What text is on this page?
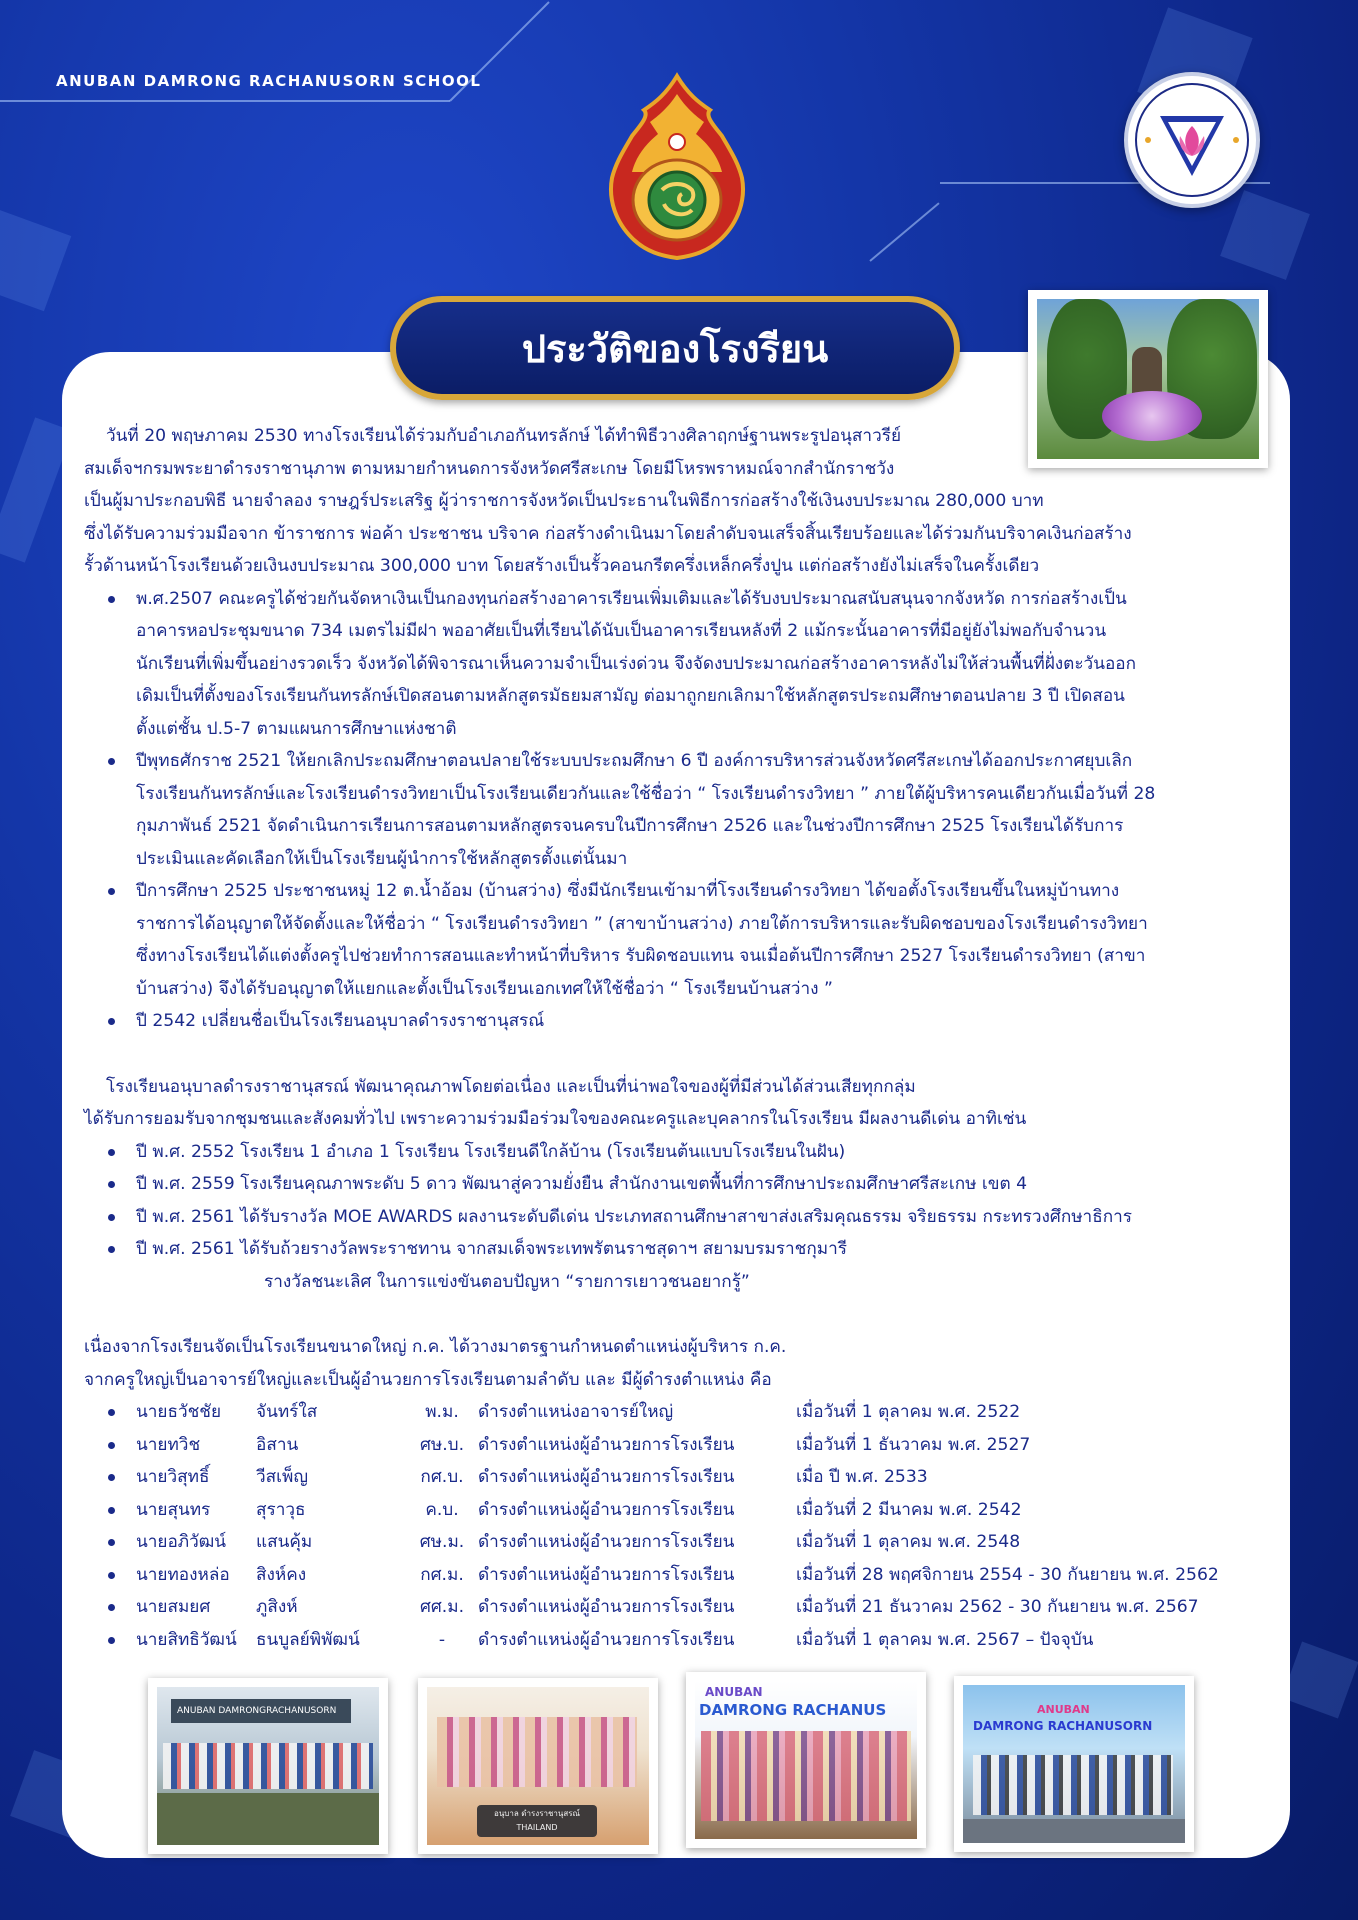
ANUBAN DAMRONG RACHANUSORN SCHOOL
ประวัติของโรงรียน
วันที่ 20 พฤษภาคม 2530 ทางโรงเรียนได้ร่วมกับอำเภอกันทรลักษ์ ได้ทำพิธีวางศิลาฤกษ์ฐานพระรูปอนุสาวรีย์
สมเด็จฯกรมพระยาดำรงราชานุภาพ ตามหมายกำหนดการจังหวัดศรีสะเกษ โดยมีโหรพราหมณ์จากสำนักราชวัง
เป็นผู้มาประกอบพิธี นายจำลอง ราษฎร์ประเสริฐ ผู้ว่าราชการจังหวัดเป็นประธานในพิธีการก่อสร้างใช้เงินงบประมาณ 280,000 บาท
ซึ่งได้รับความร่วมมือจาก ข้าราชการ พ่อค้า ประชาชน บริจาค ก่อสร้างดำเนินมาโดยลำดับจนเสร็จสิ้นเรียบร้อยและได้ร่วมกันบริจาคเงินก่อสร้าง
รั้วด้านหน้าโรงเรียนด้วยเงินงบประมาณ 300,000 บาท โดยสร้างเป็นรั้วคอนกรีตครึ่งเหล็กครึ่งปูน แต่ก่อสร้างยังไม่เสร็จในครั้งเดียว
พ.ศ.2507 คณะครูได้ช่วยกันจัดหาเงินเป็นกองทุนก่อสร้างอาคารเรียนเพิ่มเติมและได้รับงบประมาณสนับสนุนจากจังหวัด การก่อสร้างเป็น
อาคารหอประชุมขนาด 734 เมตรไม่มีฝา พออาศัยเป็นที่เรียนได้นับเป็นอาคารเรียนหลังที่ 2 แม้กระนั้นอาคารที่มีอยู่ยังไม่พอกับจำนวน
นักเรียนที่เพิ่มขึ้นอย่างรวดเร็ว จังหวัดได้พิจารณาเห็นความจำเป็นเร่งด่วน จึงจัดงบประมาณก่อสร้างอาคารหลังไม่ให้ส่วนพื้นที่ฝั่งตะวันออก
เดิมเป็นที่ตั้งของโรงเรียนกันทรลักษ์เปิดสอนตามหลักสูตรมัธยมสามัญ ต่อมาถูกยกเลิกมาใช้หลักสูตรประถมศึกษาตอนปลาย 3 ปี เปิดสอน
ตั้งแต่ชั้น ป.5-7 ตามแผนการศึกษาแห่งชาติ
ปีพุทธศักราช 2521 ให้ยกเลิกประถมศึกษาตอนปลายใช้ระบบประถมศึกษา 6 ปี องค์การบริหารส่วนจังหวัดศรีสะเกษได้ออกประกาศยุบเลิก
โรงเรียนกันทรลักษ์และโรงเรียนดำรงวิทยาเป็นโรงเรียนเดียวกันและใช้ชื่อว่า “ โรงเรียนดำรงวิทยา ” ภายใต้ผู้บริหารคนเดียวกันเมื่อวันที่ 28
กุมภาพันธ์ 2521 จัดดำเนินการเรียนการสอนตามหลักสูตรจนครบในปีการศึกษา 2526 และในช่วงปีการศึกษา 2525 โรงเรียนได้รับการ
ประเมินและคัดเลือกให้เป็นโรงเรียนผู้นำการใช้หลักสูตรตั้งแต่นั้นมา
ปีการศึกษา 2525 ประชาชนหมู่ 12 ต.น้ำอ้อม (บ้านสว่าง) ซึ่งมีนักเรียนเข้ามาที่โรงเรียนดำรงวิทยา ได้ขอตั้งโรงเรียนขึ้นในหมู่บ้านทาง
ราชการได้อนุญาตให้จัดตั้งและให้ชื่อว่า “ โรงเรียนดำรงวิทยา ” (สาขาบ้านสว่าง) ภายใต้การบริหารและรับผิดชอบของโรงเรียนดำรงวิทยา
ซึ่งทางโรงเรียนได้แต่งตั้งครูไปช่วยทำการสอนและทำหน้าที่บริหาร รับผิดชอบแทน จนเมื่อต้นปีการศึกษา 2527 โรงเรียนดำรงวิทยา (สาขา
บ้านสว่าง) จึงได้รับอนุญาตให้แยกและตั้งเป็นโรงเรียนเอกเทศให้ใช้ชื่อว่า “ โรงเรียนบ้านสว่าง ”
ปี 2542 เปลี่ยนชื่อเป็นโรงเรียนอนุบาลดำรงราชานุสรณ์
โรงเรียนอนุบาลดำรงราชานุสรณ์ พัฒนาคุณภาพโดยต่อเนื่อง และเป็นที่น่าพอใจของผู้ที่มีส่วนได้ส่วนเสียทุกกลุ่ม
ได้รับการยอมรับจากชุมชนและสังคมทั่วไป เพราะความร่วมมือร่วมใจของคณะครูและบุคลากรในโรงเรียน มีผลงานดีเด่น อาทิเช่น
ปี พ.ศ. 2552 โรงเรียน 1 อำเภอ 1 โรงเรียน โรงเรียนดีใกล้บ้าน (โรงเรียนต้นแบบโรงเรียนในฝัน)
ปี พ.ศ. 2559 โรงเรียนคุณภาพระดับ 5 ดาว พัฒนาสู่ความยั่งยืน สำนักงานเขตพื้นที่การศึกษาประถมศึกษาศรีสะเกษ เขต 4
ปี พ.ศ. 2561 ได้รับรางวัล MOE AWARDS ผลงานระดับดีเด่น ประเภทสถานศึกษาสาขาส่งเสริมคุณธรรม จริยธรรม กระทรวงศึกษาธิการ
ปี พ.ศ. 2561 ได้รับถ้วยรางวัลพระราชทาน จากสมเด็จพระเทพรัตนราชสุดาฯ สยามบรมราชกุมารี
รางวัลชนะเลิศ ในการแข่งขันตอบปัญหา “รายการเยาวชนอยากรู้”
เนื่องจากโรงเรียนจัดเป็นโรงเรียนขนาดใหญ่ ก.ค. ได้วางมาตรฐานกำหนดตำแหน่งผู้บริหาร ก.ค.
จากครูใหญ่เป็นอาจารย์ใหญ่และเป็นผู้อำนวยการโรงเรียนตามลำดับ และ มีผู้ดำรงตำแหน่ง คือ
นายธวัชชัย	จันทร์ใส	พ.ม.	ดำรงตำแหน่งอาจารย์ใหญ่	เมื่อวันที่ 1 ตุลาคม พ.ศ. 2522
นายทวิช	อิสาน	ศษ.บ. ดำรงตำแหน่งผู้อำนวยการโรงเรียน	เมื่อวันที่ 1 ธันวาคม พ.ศ. 2527
นายวิสุทธิ์	วีสเพ็ญ	กศ.บ. ดำรงตำแหน่งผู้อำนวยการโรงเรียน	เมื่อ ปี พ.ศ. 2533
นายสุนทร	สุราวุธ	ค.บ.	ดำรงตำแหน่งผู้อำนวยการโรงเรียน	เมื่อวันที่ 2 มีนาคม พ.ศ. 2542
นายอภิวัฒน์	แสนคุ้ม	ศษ.ม. ดำรงตำแหน่งผู้อำนวยการโรงเรียน	เมื่อวันที่ 1 ตุลาคม พ.ศ. 2548
นายทองหล่อ	สิงห์คง	กศ.ม. ดำรงตำแหน่งผู้อำนวยการโรงเรียน	เมื่อวันที่ 28 พฤศจิกายน 2554 - 30 กันยายน พ.ศ. 2562
นายสมยศ	ภูสิงห์	ศศ.ม. ดำรงตำแหน่งผู้อำนวยการโรงเรียน	เมื่อวันที่ 21 ธันวาคม 2562 - 30 กันยายน พ.ศ. 2567
นายสิทธิวัฒน์	ธนบูลย์พิพัฒน์	-	ดำรงตำแหน่งผู้อำนวยการโรงเรียน	เมื่อวันที่ 1 ตุลาคม พ.ศ. 2567 – ปัจจุบัน
ANUBAN DAMRONGRACHANUSORN
อนุบาล ดำรงราชานุสรณ์
THAILAND
ANUBAN
DAMRONG RACHANUS	ANUBAN
DAMRONG RACHANUSORN
